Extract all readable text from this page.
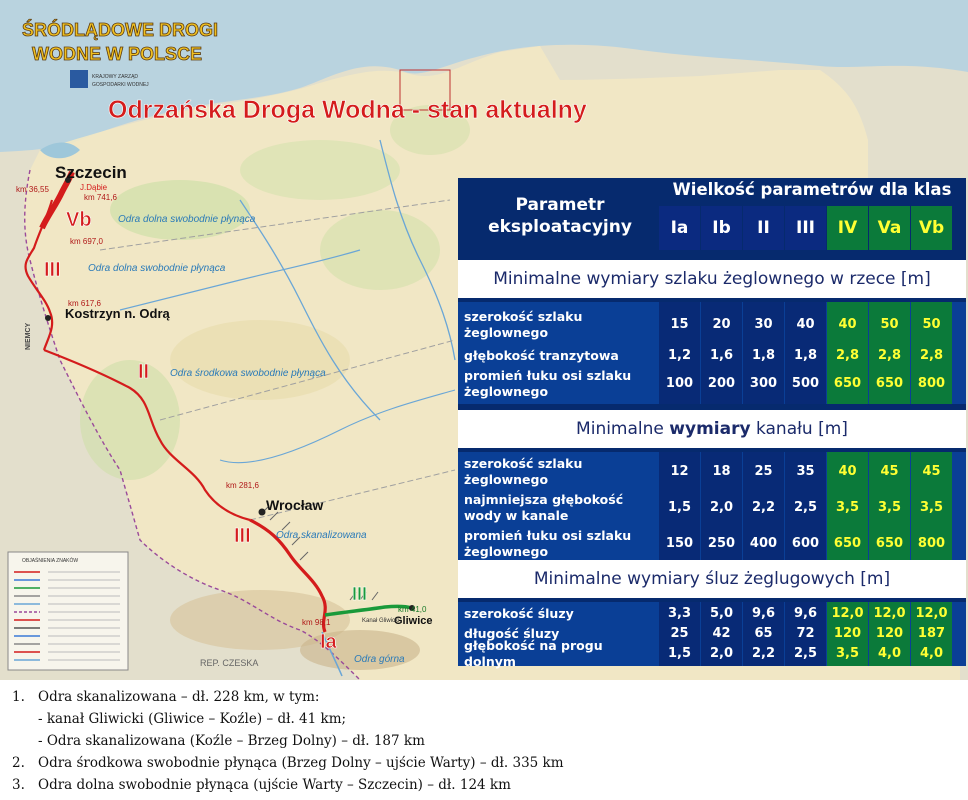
ŚRÓDLĄDOWE DROGI
WODNE W POLSCE
KRAJOWY ZARZĄD
GOSPODARKI WODNEJ
Odrzańska Droga Wodna - stan aktualny
Szczecin
J.Dąbie
Kostrzyn n. Odrą
Wrocław
Gliwice
km 36,55
km 741,6
km 697,0
km 617,6
km 281,6
km 41,0
km 98,1
Vb
III
II
III
III
Ia
Odra dolna swobodnie płynąca
Odra dolna swobodnie płynąca
Odra środkowa swobodnie płynąca
Odra skanalizowana
Odra górna
Kanał Gliwicki
NIEMCY
REP. CZESKA
OBJAŚNIENIA ZNAKÓW
Parametr eksploatacyjny
Wielkość parametrów dla klas
Ia	Ib	II	III	IV	Va	Vb
Minimalne wymiary szlaku żeglownego w rzece [m]
szerokość szlaku żeglownego
15	20	30	40	40	50	50
głębokość tranzytowa	1,2	1,6	1,8	1,8	2,8	2,8	2,8
promień łuku osi szlaku żeglownego
100	200	300	500	650	650	800
Minimalne wymiary kanału [m]
szerokość szlaku żeglownego
12	18	25	35	40	45	45
najmniejsza głębokość wody w kanale
1,5	2,0	2,2	2,5	3,5	3,5	3,5
promień łuku osi szlaku żeglownego
150	250	400	600	650	650	800
Minimalne wymiary śluz żeglugowych [m]
szerokość śluzy	3,3	5,0	9,6	9,6	12,0 12,0 12,0
długość śluzy	25	42	65	72	120	120	187
głębokość na progu dolnym
1,5	2,0	2,2	2,5	3,5	4,0	4,0
1. Odra skanalizowana – dł. 228 km, w tym:
- kanał Gliwicki (Gliwice – Koźle) – dł. 41 km;
- Odra skanalizowana (Koźle – Brzeg Dolny) – dł. 187 km
2. Odra środkowa swobodnie płynąca (Brzeg Dolny – ujście Warty) – dł. 335 km
3. Odra dolna swobodnie płynąca (ujście Warty – Szczecin) – dł. 124 km
